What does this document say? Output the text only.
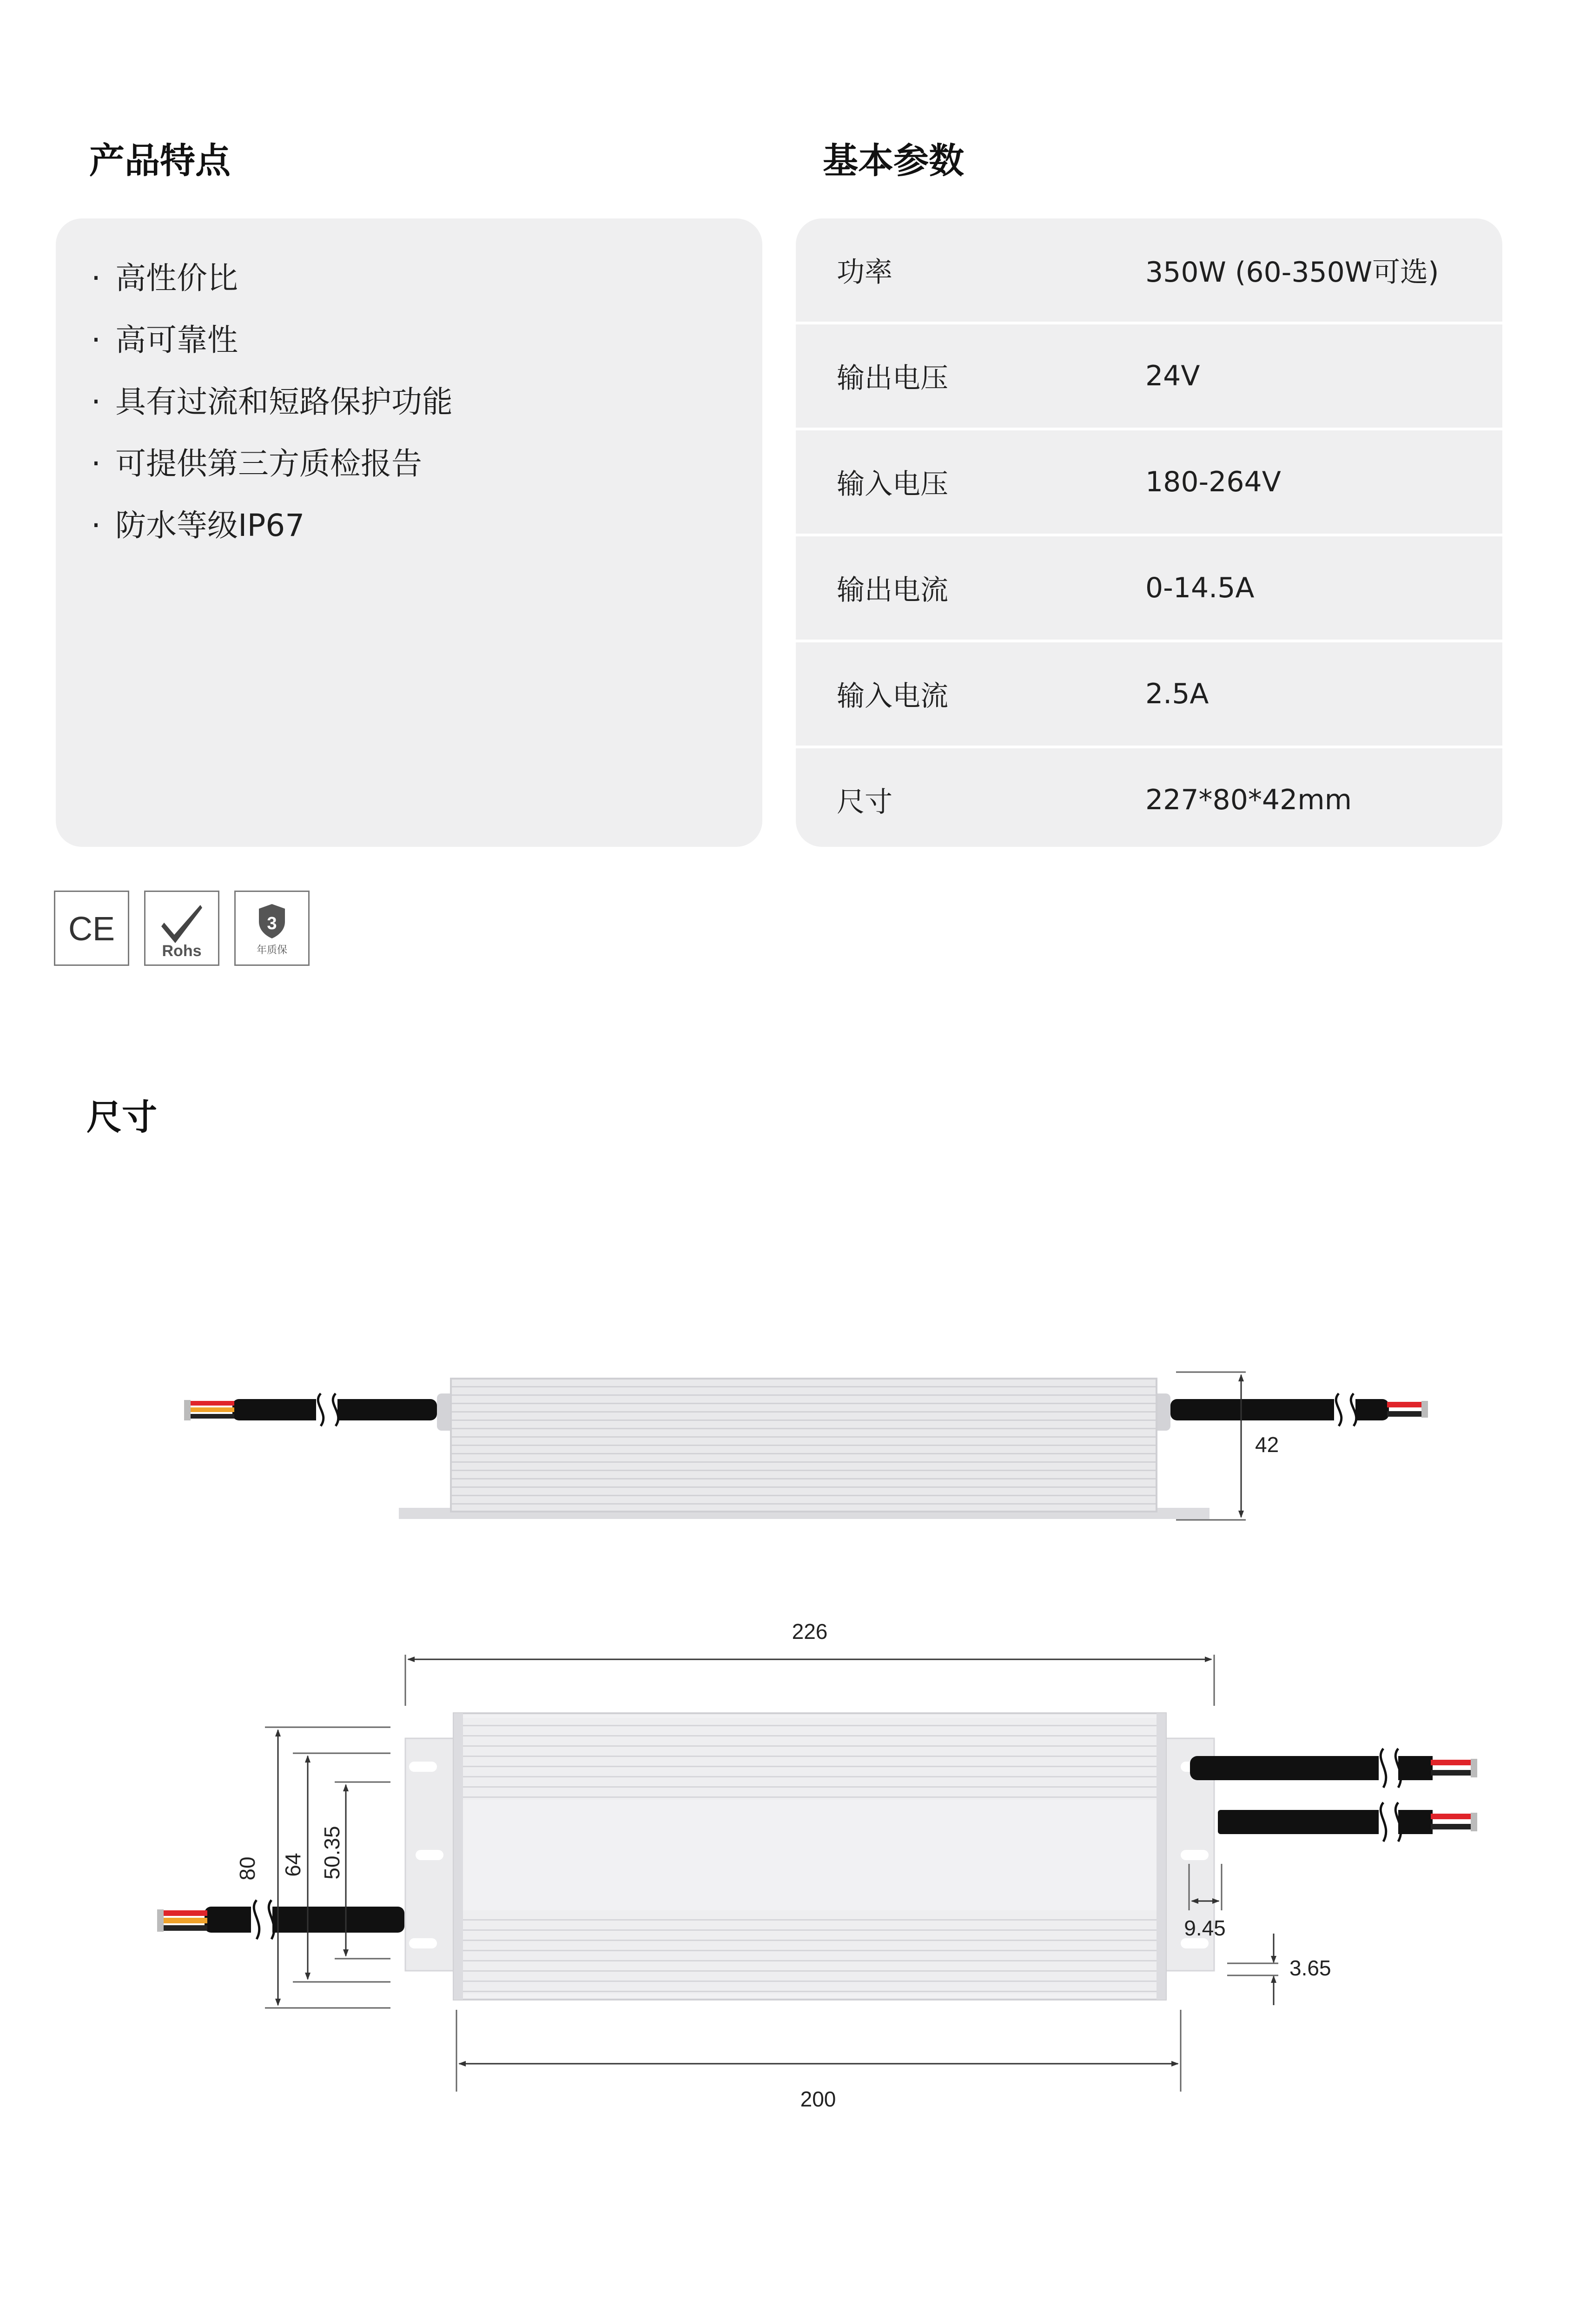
产品特点	基本参数
· 高性价比
· 高可靠性
· 具有过流和短路保护功能
· 可提供第三方质检报告
· 防水等级IP67
功率	350W (60-350W可选)
输出电压	24V
输入电压	180-264V
输出电流	0-14.5A
输入电流	2.5A
尺寸	227*80*42mm
CE
Rohs
3
年质保
尺寸
42
226
80 64 50.35
9.45
3.65
200
